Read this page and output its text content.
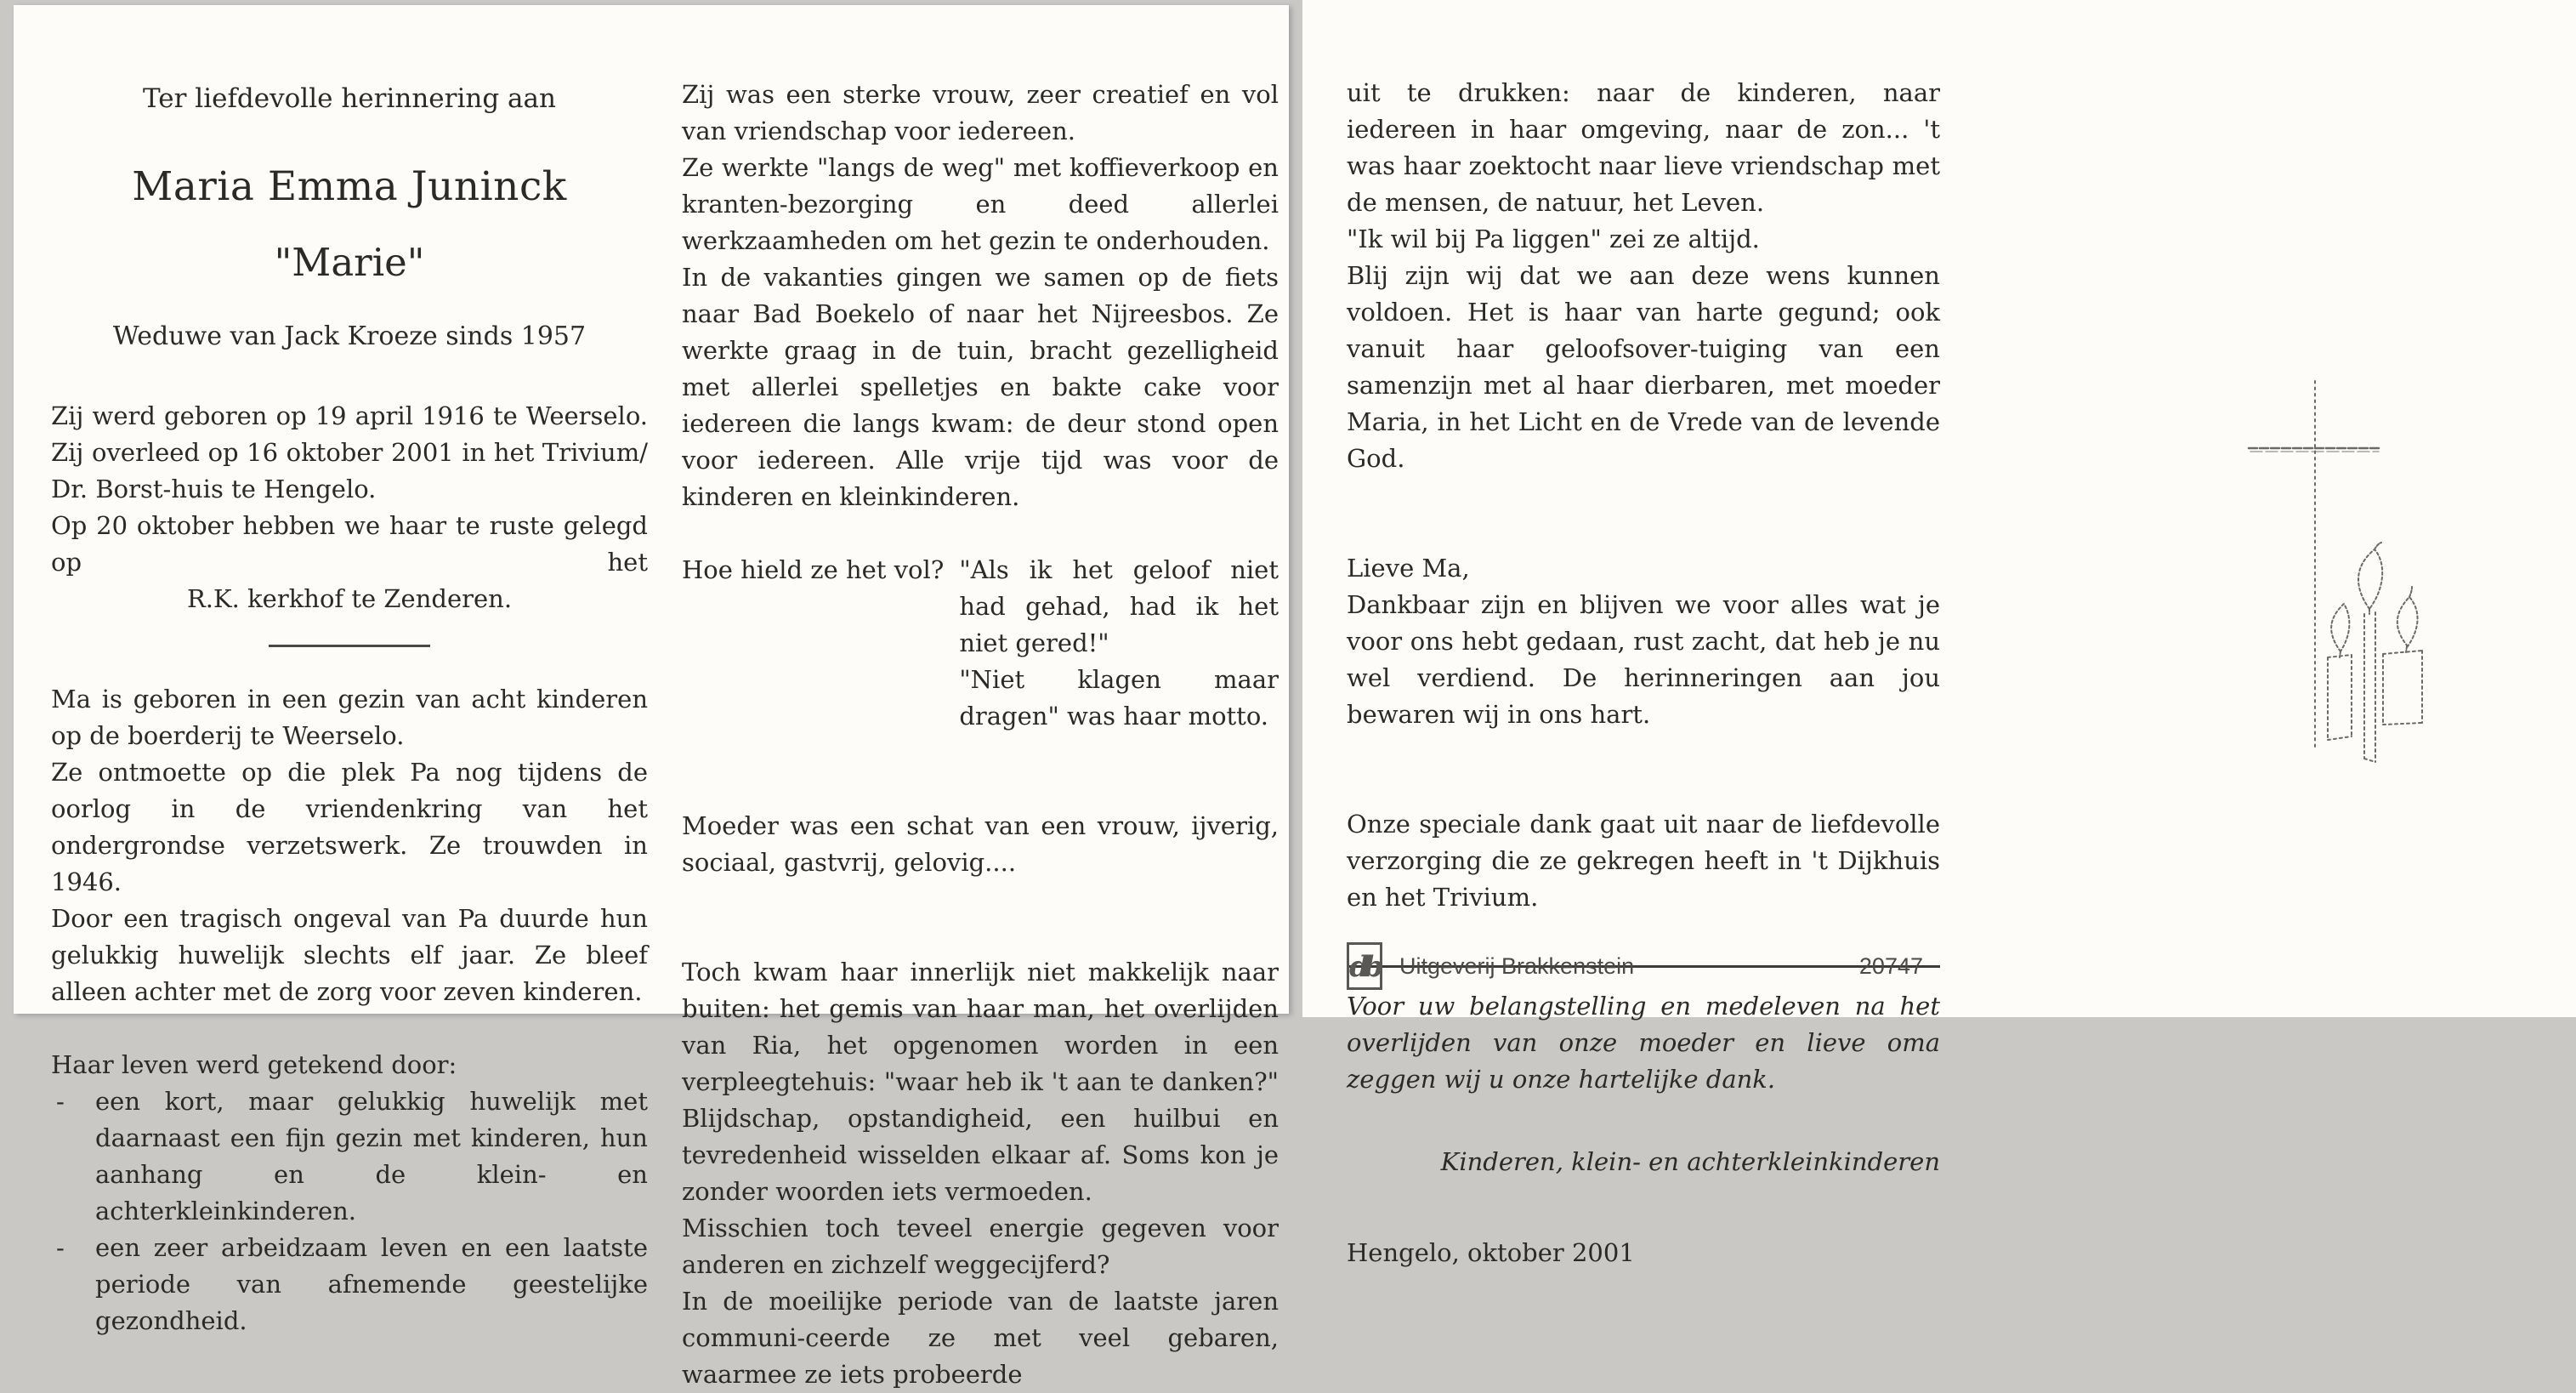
Ter liefdevolle herinnering aan
Maria Emma Juninck
"Marie"
Weduwe van Jack Kroeze sinds 1957
Zij werd geboren op 19 april 1916 te Weerselo. Zij overleed op 16 oktober 2001 in het Trivium/ Dr. Borst-huis te Hengelo.
Op 20 oktober hebben we haar te ruste gelegd op het
R.K. kerkhof te Zenderen.
Ma is geboren in een gezin van acht kinderen op de boerderij te Weerselo.
Ze ontmoette op die plek Pa nog tijdens de oorlog in de vriendenkring van het ondergrondse verzetswerk. Ze trouwden in 1946.
Door een tragisch ongeval van Pa duurde hun gelukkig huwelijk slechts elf jaar. Ze bleef alleen achter met de zorg voor zeven kinderen.
Haar leven werd getekend door:
-	een kort, maar gelukkig huwelijk met daarnaast een fijn gezin met kinderen, hun aanhang en de klein- en achterkleinkinderen.
-	een zeer arbeidzaam leven en een laatste periode van afnemende geestelijke gezondheid.
Zij was een sterke vrouw, zeer creatief en vol van vriendschap voor iedereen.
Ze werkte "langs de weg" met koffieverkoop en kranten-bezorging en deed allerlei werkzaamheden om het gezin te onderhouden.
In de vakanties gingen we samen op de fiets naar Bad Boekelo of naar het Nijreesbos. Ze werkte graag in de tuin, bracht gezelligheid met allerlei spelletjes en bakte cake voor iedereen die langs kwam: de deur stond open voor iedereen. Alle vrije tijd was voor de kinderen en kleinkinderen.
Hoe hield ze het vol? "Als ik het geloof niet had gehad, had ik het niet gered!"
"Niet klagen maar dragen" was haar motto.
Moeder was een schat van een vrouw, ijverig, sociaal, gastvrij, gelovig....
Toch kwam haar innerlijk niet makkelijk naar buiten: het gemis van haar man, het overlijden van Ria, het opgenomen worden in een verpleegtehuis: "waar heb ik 't aan te danken?" Blijdschap, opstandigheid, een huilbui en tevredenheid wisselden elkaar af. Soms kon je zonder woorden iets vermoeden.
Misschien toch teveel energie gegeven voor anderen en zichzelf weggecijferd?
In de moeilijke periode van de laatste jaren communi-ceerde ze met veel gebaren, waarmee ze iets probeerde
uit te drukken: naar de kinderen, naar iedereen in haar omgeving, naar de zon... 't was haar zoektocht naar lieve vriendschap met de mensen, de natuur, het Leven.
"Ik wil bij Pa liggen" zei ze altijd.
Blij zijn wij dat we aan deze wens kunnen voldoen. Het is haar van harte gegund; ook vanuit haar geloofsover-tuiging van een samenzijn met al haar dierbaren, met moeder Maria, in het Licht en de Vrede van de levende God.
Lieve Ma,
Dankbaar zijn en blijven we voor alles wat je voor ons hebt gedaan, rust zacht, dat heb je nu wel verdiend. De herinneringen aan jou bewaren wij in ons hart.
Onze speciale dank gaat uit naar de liefdevolle verzorging die ze gekregen heeft in 't Dijkhuis en het Trivium.
Voor uw belangstelling en medeleven na het overlijden van onze moeder en lieve oma zeggen wij u onze hartelijke dank.
Kinderen, klein- en achterkleinkinderen
Hengelo, oktober 2001
db Uitgeverij Brakkenstein	20747
